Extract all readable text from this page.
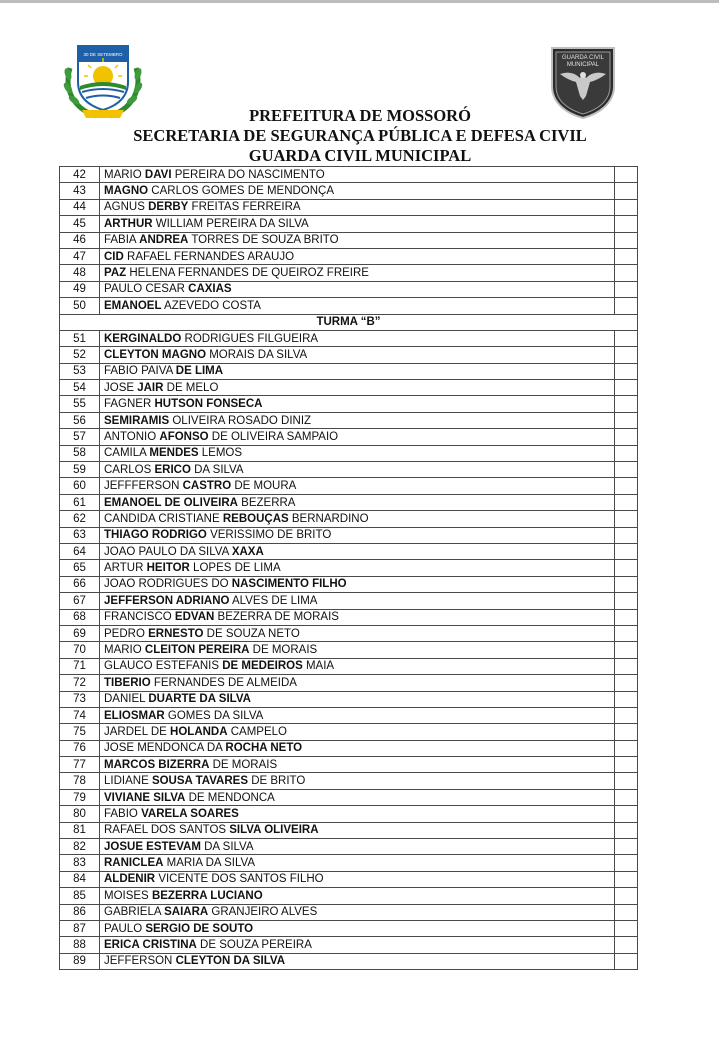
30 DE SETEMBRO
GUARDA CIVIL
MUNICIPAL
PREFEITURA DE MOSSORÓ
SECRETARIA DE SEGURANÇA PÚBLICA E DEFESA CIVIL
GUARDA CIVIL MUNICIPAL
42	MARIO DAVI PEREIRA DO NASCIMENTO	
43	MAGNO CARLOS GOMES DE MENDONÇA	
44	AGNUS DERBY FREITAS FERREIRA	
45	ARTHUR WILLIAM PEREIRA DA SILVA	
46	FABIA ANDREA TORRES DE SOUZA BRITO	
47	CID RAFAEL FERNANDES ARAUJO	
48	PAZ HELENA FERNANDES DE QUEIROZ FREIRE	
49	PAULO CESAR CAXIAS	
50	EMANOEL AZEVEDO COSTA	
TURMA “B”		
51	KERGINALDO RODRIGUES FILGUEIRA	
52	CLEYTON MAGNO MORAIS DA SILVA	
53	FABIO PAIVA DE LIMA	
54	JOSE JAIR DE MELO	
55	FAGNER HUTSON FONSECA	
56	SEMIRAMIS OLIVEIRA ROSADO DINIZ	
57	ANTONIO AFONSO DE OLIVEIRA SAMPAIO	
58	CAMILA MENDES LEMOS	
59	CARLOS ERICO DA SILVA	
60	JEFFFERSON CASTRO DE MOURA	
61	EMANOEL DE OLIVEIRA BEZERRA	
62	CANDIDA CRISTIANE REBOUÇAS BERNARDINO	
63	THIAGO RODRIGO VERISSIMO DE BRITO	
64	JOAO PAULO DA SILVA XAXA	
65	ARTUR HEITOR LOPES DE LIMA	
66	JOAO RODRIGUES DO NASCIMENTO FILHO	
67	JEFFERSON ADRIANO ALVES DE LIMA	
68	FRANCISCO EDVAN BEZERRA DE MORAIS	
69	PEDRO ERNESTO DE SOUZA NETO	
70	MARIO CLEITON PEREIRA DE MORAIS	
71	GLAUCO ESTEFANIS DE MEDEIROS MAIA	
72	TIBERIO FERNANDES DE ALMEIDA	
73	DANIEL DUARTE DA SILVA	
74	ELIOSMAR GOMES DA SILVA	
75	JARDEL DE HOLANDA CAMPELO	
76	JOSE MENDONCA DA ROCHA NETO	
77	MARCOS BIZERRA DE MORAIS	
78	LIDIANE SOUSA TAVARES DE BRITO	
79	VIVIANE SILVA DE MENDONCA	
80	FABIO VARELA SOARES	
81	RAFAEL DOS SANTOS SILVA OLIVEIRA	
82	JOSUE ESTEVAM DA SILVA	
83	RANICLEA MARIA DA SILVA	
84	ALDENIR VICENTE DOS SANTOS FILHO	
85	MOISES BEZERRA LUCIANO	
86	GABRIELA SAIARA GRANJEIRO ALVES	
87	PAULO SERGIO DE SOUTO	
88	ERICA CRISTINA DE SOUZA PEREIRA	
89	JEFFERSON CLEYTON DA SILVA	
